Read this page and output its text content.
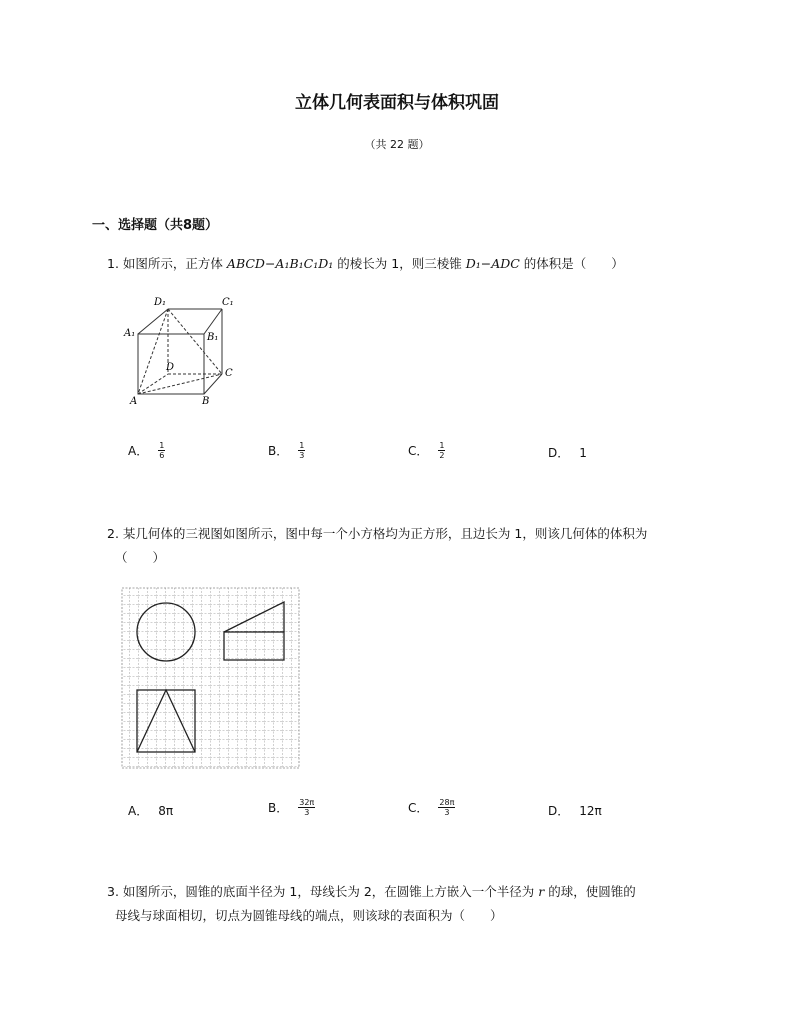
立体几何表面积与体积巩固
（共 22 题）
一、选择题（共8题）
1. 如图所示，正方体 ABCD−A₁B₁C₁D₁ 的棱长为 1，则三棱锥 D₁−ADC 的体积是（　　）
D₁	C₁
A₁	B₁
D
C
A	B
A． $\frac{1}{6}$	B． $\frac{1}{3}$	C． $\frac{1}{2}$	D． 1
2. 某几何体的三视图如图所示，图中每一个小方格均为正方形，且边长为 1，则该几何体的体积为
（　　）
A． 8π	B． $\frac{32\pi}{3}$	C． $\frac{28\pi}{3}$	D． 12π
3. 如图所示，圆锥的底面半径为 1，母线长为 2，在圆锥上方嵌入一个半径为 r 的球，使圆锥的
母线与球面相切，切点为圆锥母线的端点，则该球的表面积为（　　）
